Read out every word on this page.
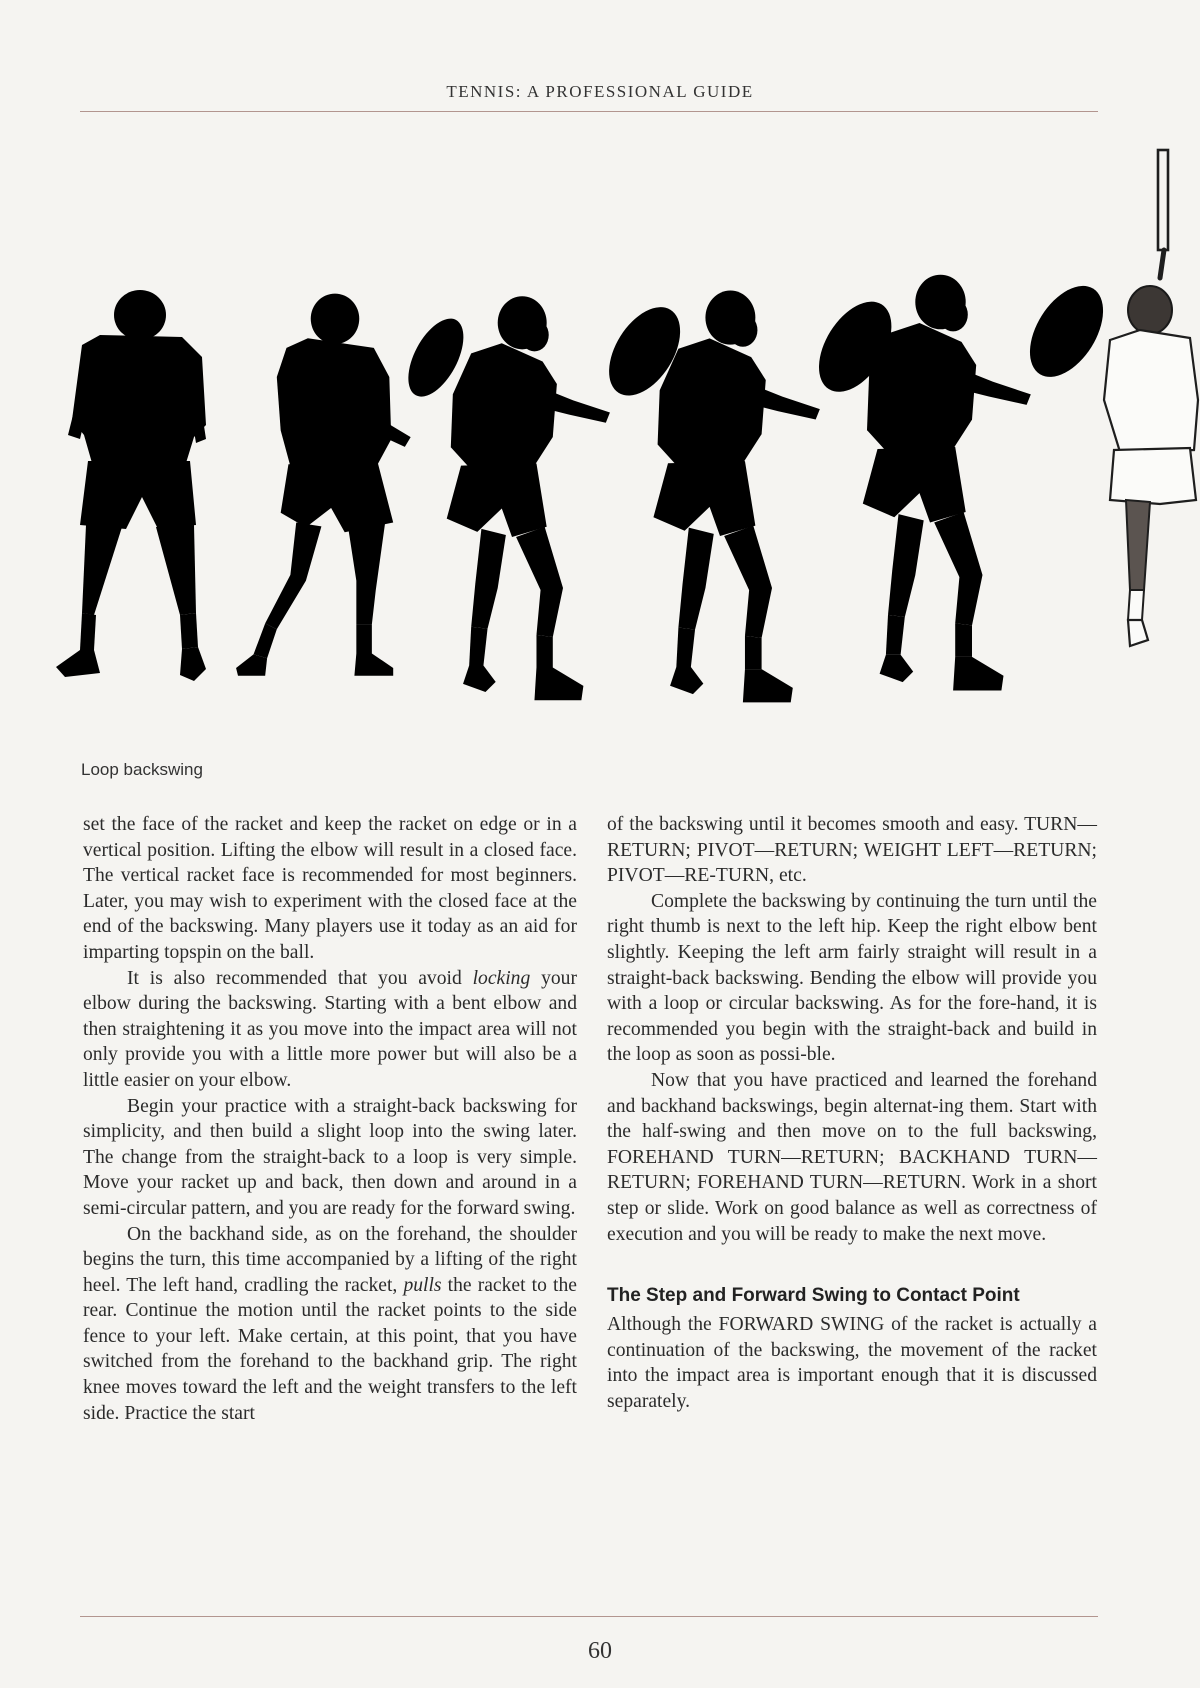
TENNIS: A PROFESSIONAL GUIDE
Loop backswing

set the face of the racket and keep the racket on edge or in a vertical position. Lifting the elbow will result in a closed face. The vertical racket face is recommended for most beginners. Later, you may wish to experiment with the closed face at the end of the backswing. Many players use it today as an aid for imparting topspin on the ball.

It is also recommended that you avoid locking your elbow during the backswing. Starting with a bent elbow and then straightening it as you move into the impact area will not only provide you with a little more power but will also be a little easier on your elbow.

Begin your practice with a straight-back backswing for simplicity, and then build a slight loop into the swing later. The change from the straight-back to a loop is very simple. Move your racket up and back, then down and around in a semi-circular pattern, and you are ready for the forward swing.

On the backhand side, as on the forehand, the shoulder begins the turn, this time accompanied by a lifting of the right heel. The left hand, cradling the racket, pulls the racket to the rear. Continue the motion until the racket points to the side fence to your left. Make certain, at this point, that you have switched from the forehand to the backhand grip. The right knee moves toward the left and the weight transfers to the left side. Practice the start

of the backswing until it becomes smooth and easy. TURN—RETURN; PIVOT—RETURN; WEIGHT LEFT—RETURN; PIVOT—RE-TURN, etc.

Complete the backswing by continuing the turn until the right thumb is next to the left hip. Keep the right elbow bent slightly. Keeping the left arm fairly straight will result in a straight-back backswing. Bending the elbow will provide you with a loop or circular backswing. As for the fore-hand, it is recommended you begin with the straight-back and build in the loop as soon as possi-ble.

Now that you have practiced and learned the forehand and backhand backswings, begin alternat-ing them. Start with the half-swing and then move on to the full backswing, FOREHAND TURN—RETURN; BACKHAND TURN—RETURN; FOREHAND TURN—RETURN. Work in a short step or slide. Work on good balance as well as correctness of execution and you will be ready to make the next move.

The Step and Forward Swing to Contact Point

Although the FORWARD SWING of the racket is actually a continuation of the backswing, the movement of the racket into the impact area is important enough that it is discussed separately.

60
